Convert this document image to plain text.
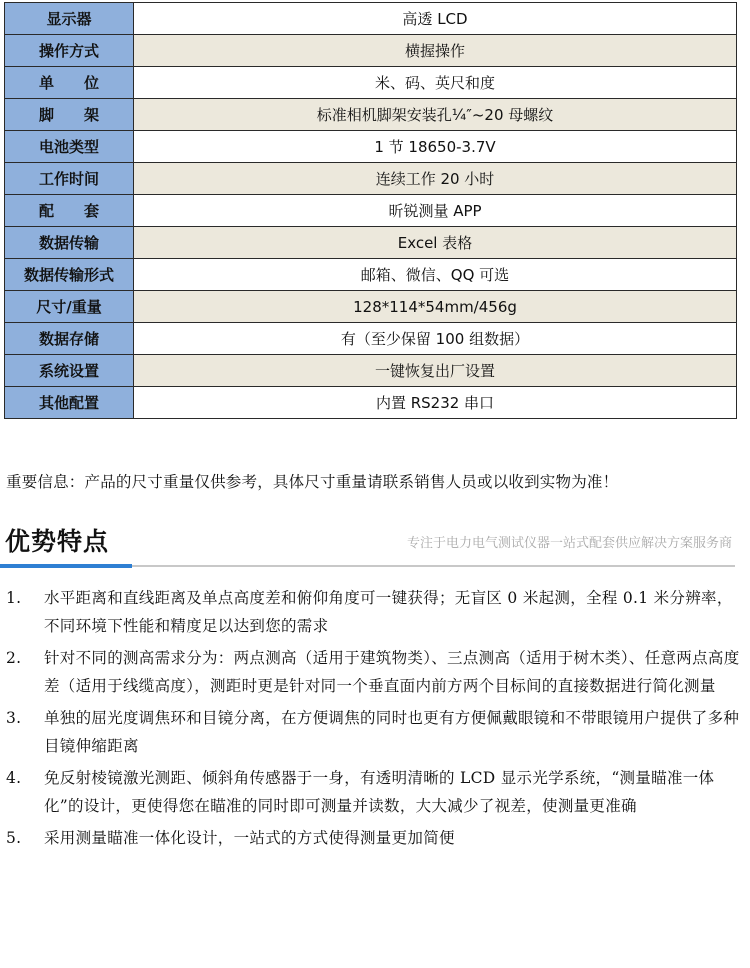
显示器	高透 LCD
操作方式	横握操作
单　　位	米、码、英尺和度
脚　　架	标准相机脚架安装孔¼″~20 母螺纹
电池类型	1 节 18650-3.7V
工作时间	连续工作 20 小时
配　　套	昕锐测量 APP
数据传输	Excel 表格
数据传输形式	邮箱、微信、QQ 可选
尺寸/重量	128*114*54mm/456g
数据存储	有（至少保留 100 组数据）
系统设置	一键恢复出厂设置
其他配置	内置 RS232 串口
重要信息：产品的尺寸重量仅供参考，具体尺寸重量请联系销售人员或以收到实物为准！
优势特点	专注于电力电气测试仪器一站式配套供应解决方案服务商
1. 水平距离和直线距离及单点高度差和俯仰角度可一键获得；无盲区 0 米起测，全程 0.1 米分辨率，不同环境下性能和精度足以达到您的需求
2. 针对不同的测高需求分为：两点测高（适用于建筑物类）、三点测高（适用于树木类）、任意两点高度差（适用于线缆高度），测距时更是针对同一个垂直面内前方两个目标间的直接数据进行简化测量
3. 单独的屈光度调焦环和目镜分离，在方便调焦的同时也更有方便佩戴眼镜和不带眼镜用户提供了多种目镜伸缩距离
4. 免反射棱镜激光测距、倾斜角传感器于一身，有透明清晰的 LCD 显示光学系统，“测量瞄准一体化”的设计，更使得您在瞄准的同时即可测量并读数，大大减少了视差，使测量更准确
5. 采用测量瞄准一体化设计，一站式的方式使得测量更加简便
